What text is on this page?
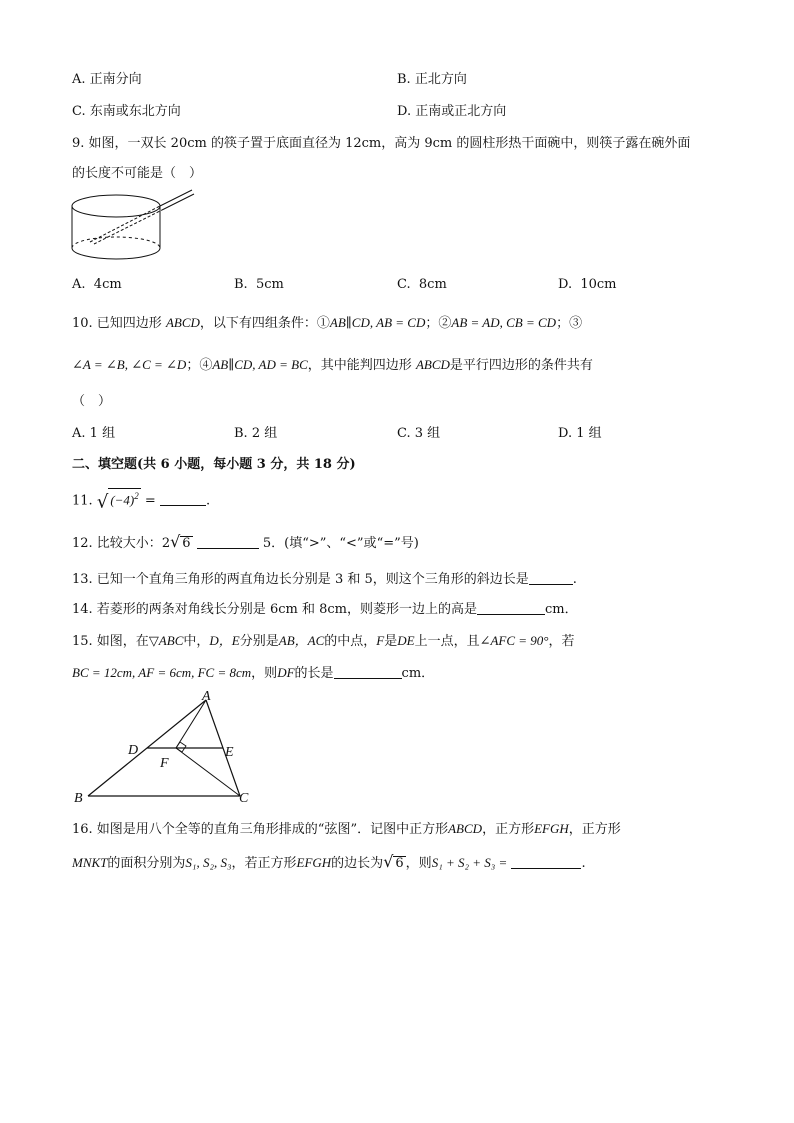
A. 正南分向	B. 正北方向
C. 东南或东北方向	D. 正南或正北方向
9. 如图，一双长 20cm 的筷子置于底面直径为 12cm，高为 9cm 的圆柱形热干面碗中，则筷子露在碗外面
的长度不可能是（　）
A. 4cm	B. 5cm	C. 8cm	D. 10cm
10. 已知四边形 ABCD，以下有四组条件：①AB∥CD, AB = CD；②AB = AD, CB = CD；③
∠A = ∠B, ∠C = ∠D；④AB∥CD, AD = BC，其中能判四边形 ABCD是平行四边形的条件共有
（　）
A. 1 组	B. 2 组	C. 3 组	D. 1 组
二、填空题(共 6 小题，每小题 3 分，共 18 分)
11. √ $(-4)^2$ =	.
12. 比较大小：2√ 6	5．(填“>”、“<”或“=”号)
13. 已知一个直角三角形的两直角边长分别是 3 和 5，则这个三角形的斜边长是	.
14. 若菱形的两条对角线长分别是 6cm 和 8cm，则菱形一边上的高是	cm．
15. 如图，在▽ABC中，D，E分别是AB，AC的中点，F是DE上一点，且∠AFC = 90°，若
BC = 12cm, AF = 6cm, FC = 8cm，则DF的长是	cm．
A
B	C
D	E
F
16. 如图是用八个全等的直角三角形排成的“弦图”．记图中正方形ABCD，正方形EFGH，正方形
MNKT的面积分别为S₁, S₂, S₃，若正方形EFGH的边长为√ 6 ，则S₁ + S₂ + S₃ =	.
